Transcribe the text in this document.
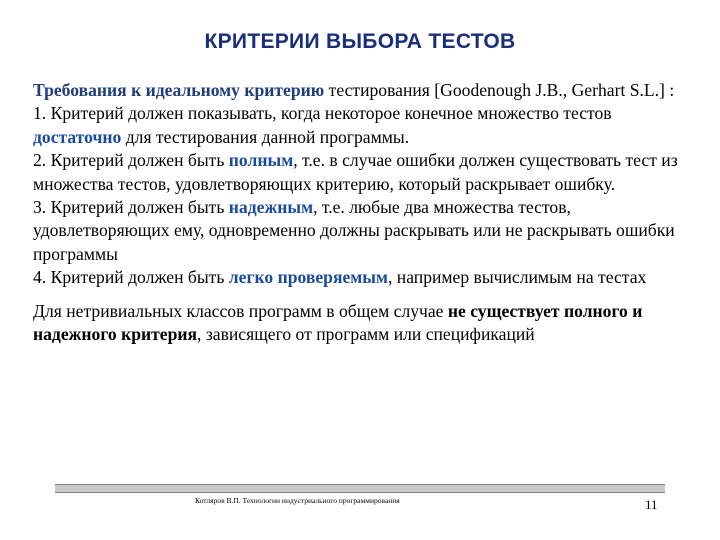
КРИТЕРИИ ВЫБОРА ТЕСТОВ

Требования к идеальному критерию тестирования [Goodenough J.B., Gerhart S.L.] :

1. Критерий должен показывать, когда некоторое конечное множество тестов достаточно для тестирования данной программы.

2. Критерий должен быть полным, т.е. в случае ошибки должен существовать тест из множества тестов, удовлетворяющих критерию, который раскрывает ошибку.

3. Критерий должен быть надежным, т.е. любые два множества тестов, удовлетворяющих ему, одновременно должны раскрывать или не раскрывать ошибки программы

4. Критерий должен быть легко проверяемым, например вычислимым на тестах

Для нетривиальных классов программ в общем случае не существует полного и надежного критерия, зависящего от программ или спецификаций

Котляров В.П. Технологии индустриального программирования	11
